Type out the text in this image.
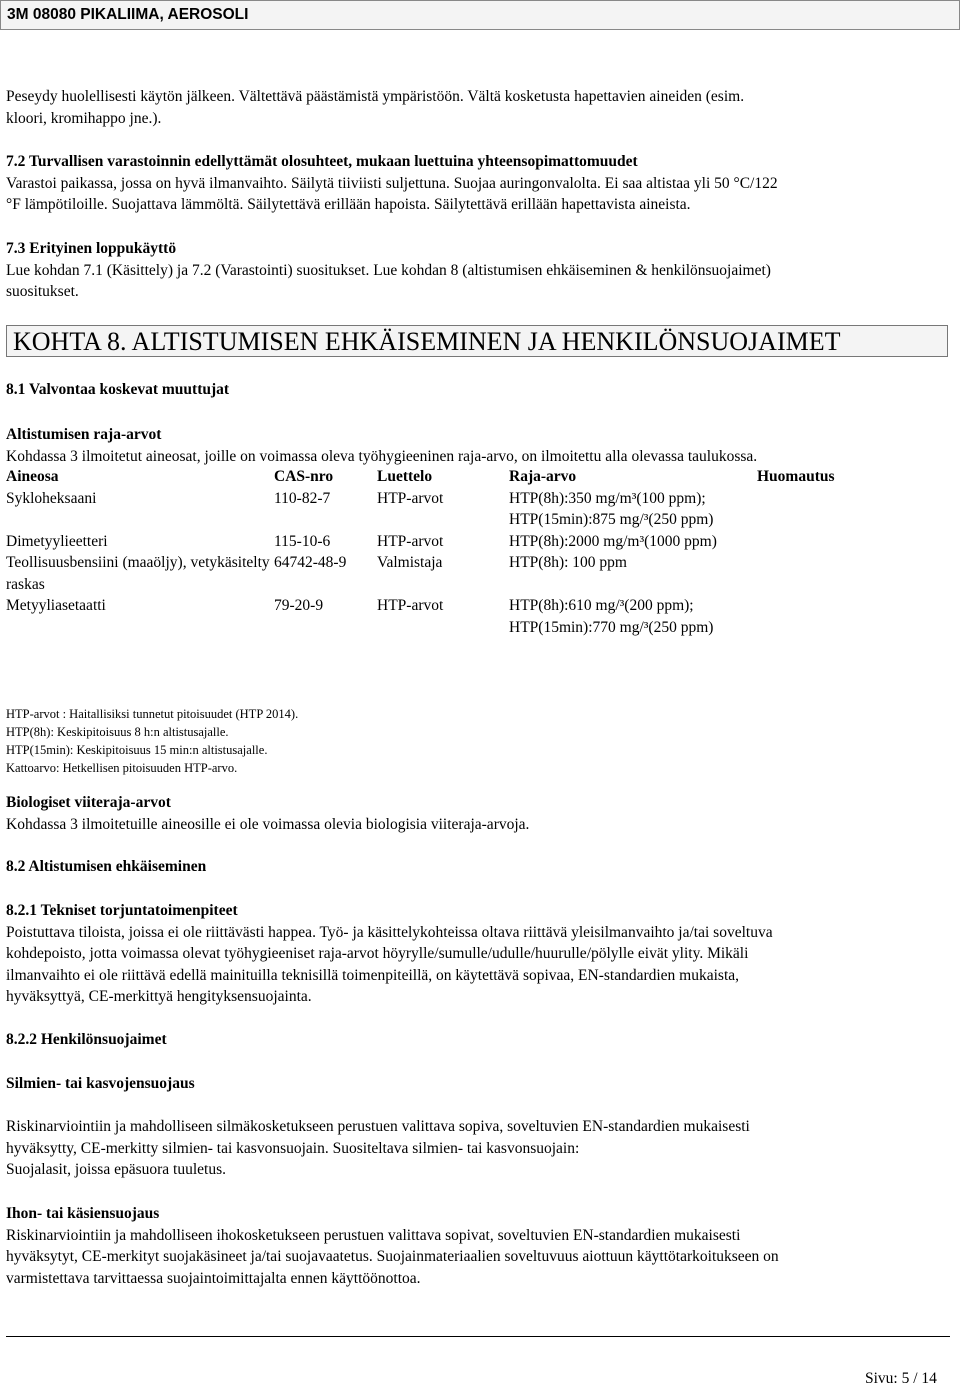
3M 08080 PIKALIIMA, AEROSOLI
Peseydy huolellisesti käytön jälkeen. Vältettävä päästämistä ympäristöön. Vältä kosketusta hapettavien aineiden (esim.
kloori, kromihappo jne.).
7.2 Turvallisen varastoinnin edellyttämät olosuhteet, mukaan luettuina yhteensopimattomuudet
Varastoi paikassa, jossa on hyvä ilmanvaihto. Säilytä tiiviisti suljettuna. Suojaa auringonvalolta. Ei saa altistaa yli 50 °C/122
°F lämpötiloille. Suojattava lämmöltä. Säilytettävä erillään hapoista. Säilytettävä erillään hapettavista aineista.
7.3 Erityinen loppukäyttö
Lue kohdan 7.1 (Käsittely) ja 7.2 (Varastointi) suositukset. Lue kohdan 8 (altistumisen ehkäiseminen & henkilönsuojaimet)
suositukset.
KOHTA 8. ALTISTUMISEN EHKÄISEMINEN JA HENKILÖNSUOJAIMET
8.1 Valvontaa koskevat muuttujat
Altistumisen raja-arvot
Kohdassa 3 ilmoitetut aineosat, joille on voimassa oleva työhygieeninen raja-arvo, on ilmoitettu alla olevassa taulukossa.
Aineosa	CAS-nro	Luettelo	Raja-arvo	Huomautus
Sykloheksaani	110-82-7	HTP-arvot	HTP(8h):350 mg/m³(100 ppm); HTP(15min):875 mg/³(250 ppm)	
Dimetyylieetteri	115-10-6	HTP-arvot	HTP(8h):2000 mg/m³(1000 ppm)	
Teollisuusbensiini (maaöljy), vetykäsitelty raskas	64742-48-9	Valmistaja	HTP(8h): 100 ppm	
Metyyliasetaatti	79-20-9	HTP-arvot	HTP(8h):610 mg/³(200 ppm); HTP(15min):770 mg/³(250 ppm)	
HTP-arvot : Haitallisiksi tunnetut pitoisuudet (HTP 2014).
HTP(8h): Keskipitoisuus 8 h:n altistusajalle.
HTP(15min): Keskipitoisuus 15 min:n altistusajalle.
Kattoarvo: Hetkellisen pitoisuuden HTP-arvo.
Biologiset viiteraja-arvot
Kohdassa 3 ilmoitetuille aineosille ei ole voimassa olevia biologisia viiteraja-arvoja.
8.2 Altistumisen ehkäiseminen
8.2.1 Tekniset torjuntatoimenpiteet
Poistuttava tiloista, joissa ei ole riittävästi happea. Työ- ja käsittelykohteissa oltava riittävä yleisilmanvaihto ja/tai soveltuva
kohdepoisto, jotta voimassa olevat työhygieeniset raja-arvot höyrylle/sumulle/udulle/huurulle/pölylle eivät ylity. Mikäli
ilmanvaihto ei ole riittävä edellä mainituilla teknisillä toimenpiteillä, on käytettävä sopivaa, EN-standardien mukaista,
hyväksyttyä, CE-merkittyä hengityksensuojainta.
8.2.2 Henkilönsuojaimet
Silmien- tai kasvojensuojaus
Riskinarviointiin ja mahdolliseen silmäkosketukseen perustuen valittava sopiva, soveltuvien EN-standardien mukaisesti
hyväksytty, CE-merkitty silmien- tai kasvonsuojain. Suositeltava silmien- tai kasvonsuojain:
Suojalasit, joissa epäsuora tuuletus.
Ihon- tai käsiensuojaus
Riskinarviointiin ja mahdolliseen ihokosketukseen perustuen valittava sopivat, soveltuvien EN-standardien mukaisesti
hyväksytyt, CE-merkityt suojakäsineet ja/tai suojavaatetus. Suojainmateriaalien soveltuvuus aiottuun käyttötarkoitukseen on
varmistettava tarvittaessa suojaintoimittajalta ennen käyttöönottoa.
Sivu: 5 / 14
